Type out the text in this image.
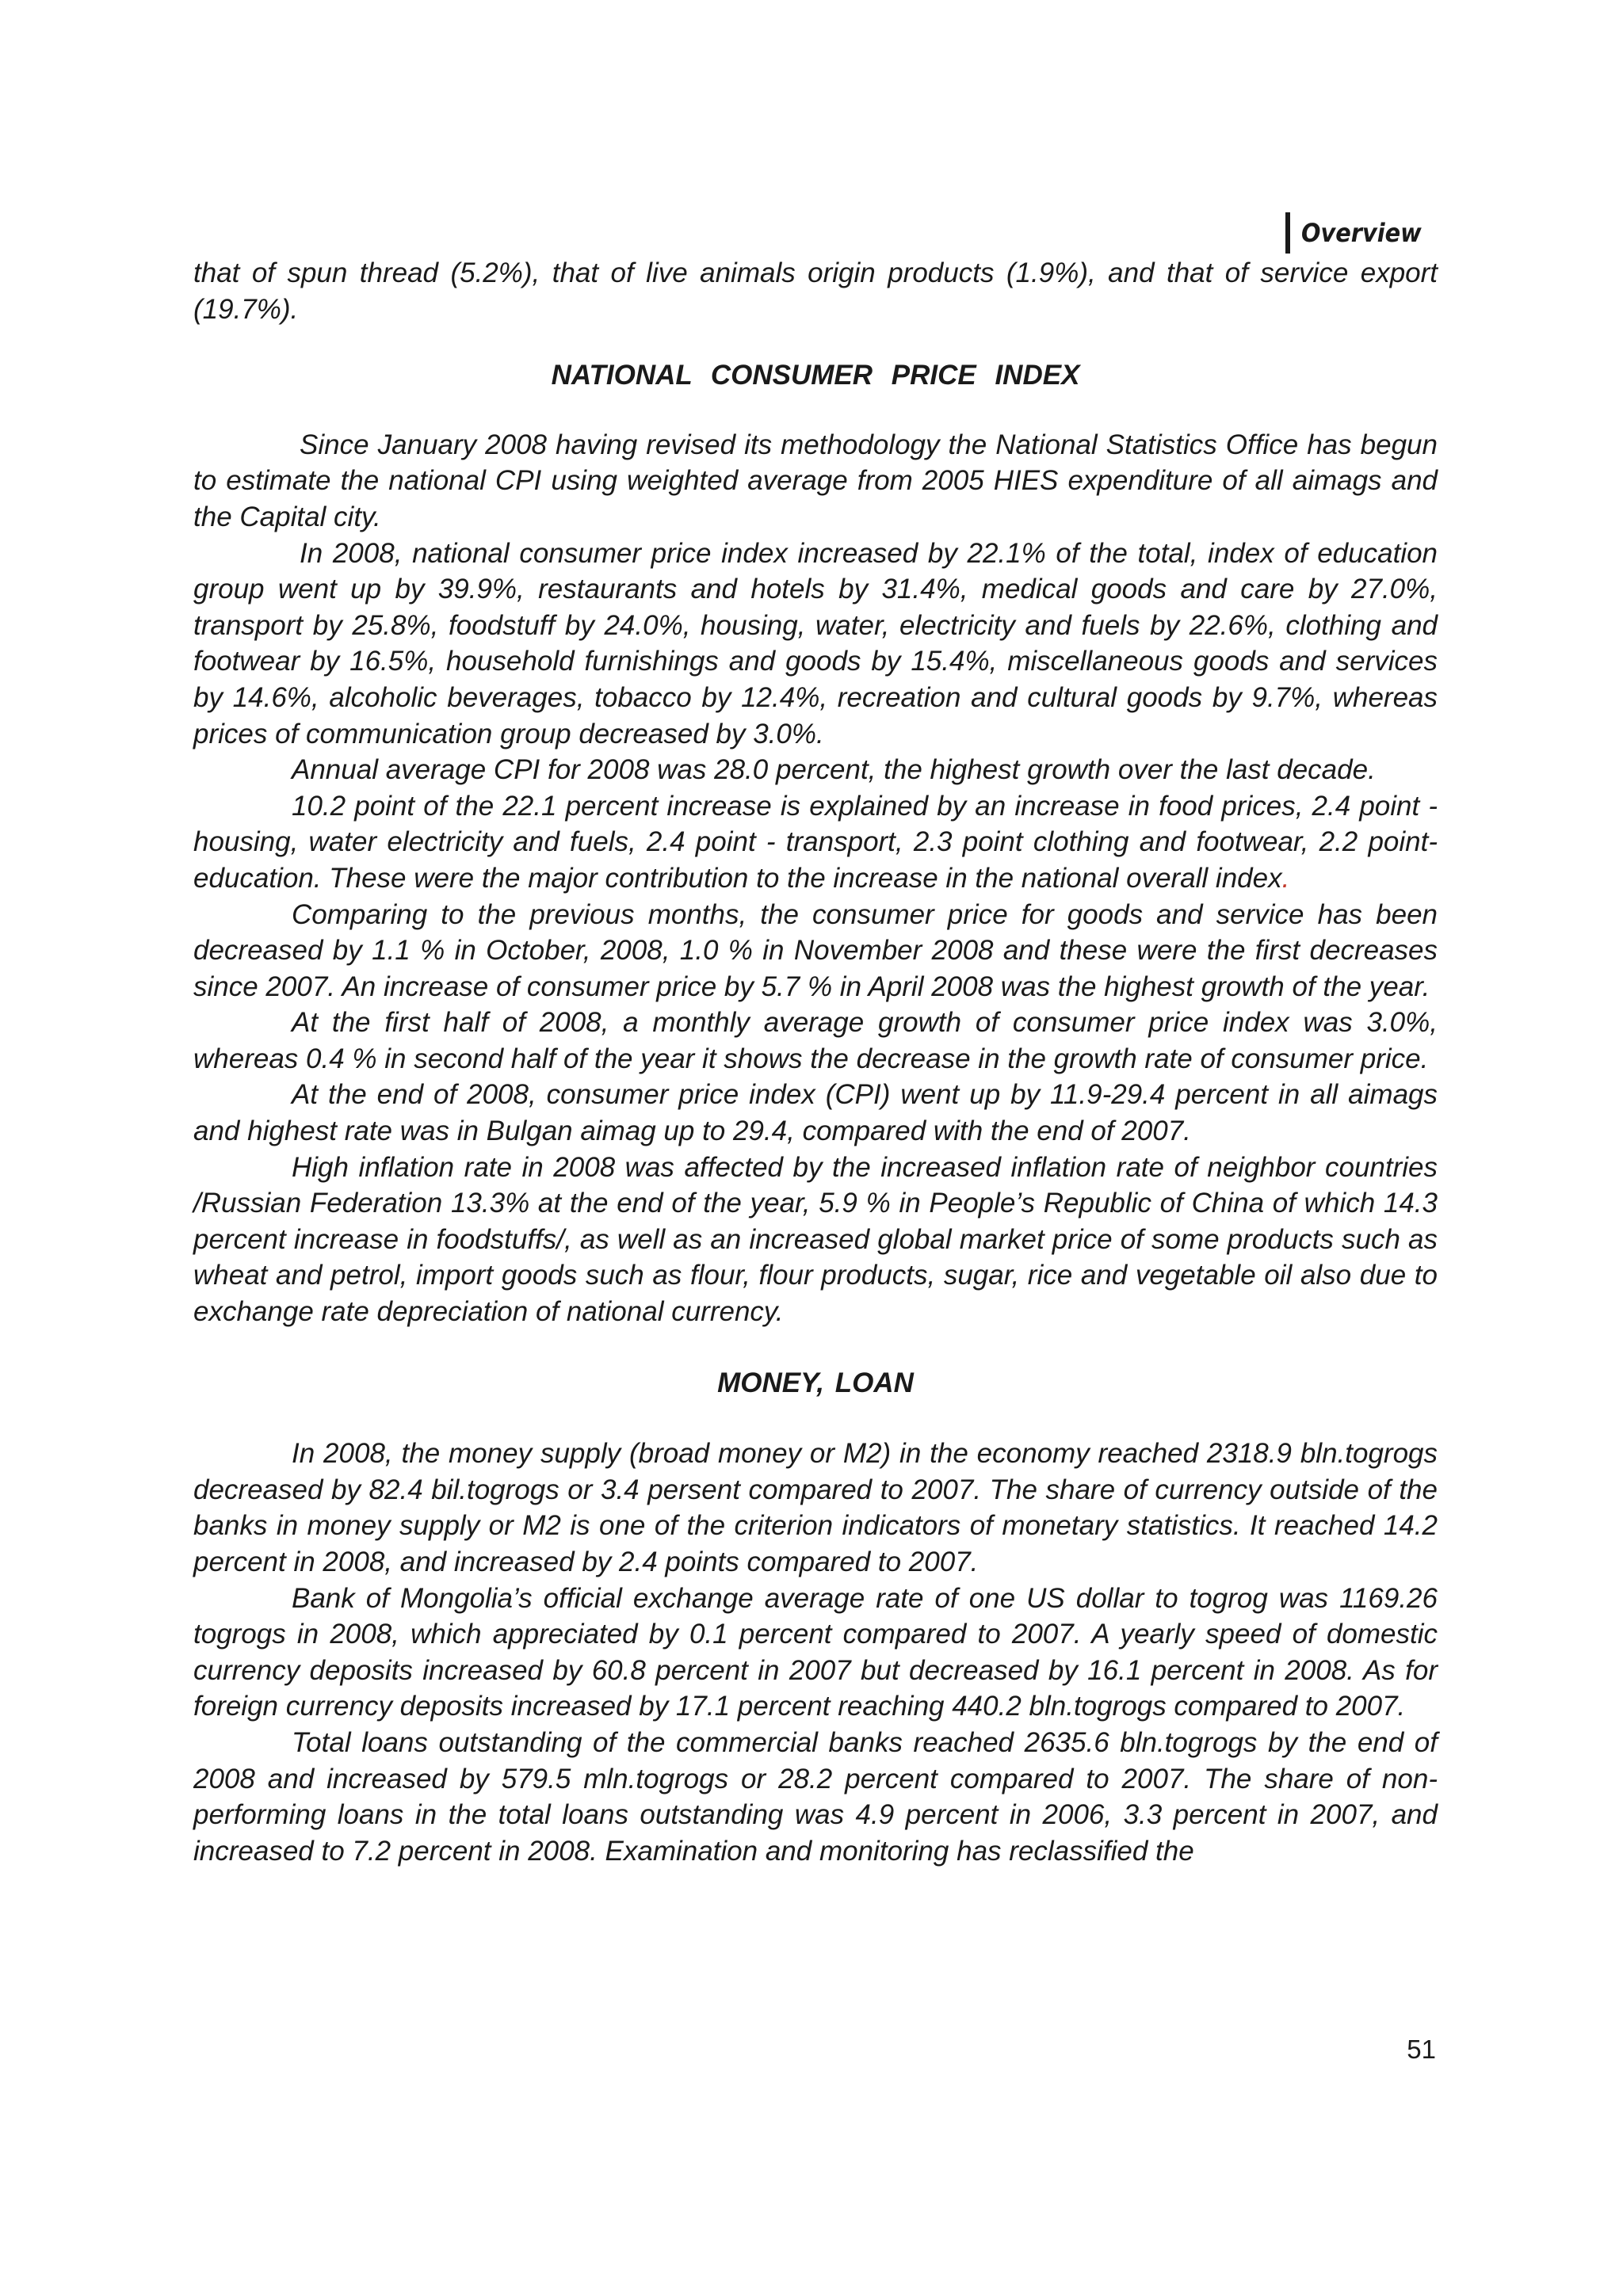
Overview

that of spun thread (5.2%), that of live animals origin products (1.9%), and that of service export (19.7%).

NATIONAL CONSUMER PRICE INDEX

Since January 2008 having revised its methodology the National Statistics Office has begun to estimate the national CPI using weighted average from 2005 HIES expenditure of all aimags and the Capital city.

In 2008, national consumer price index increased by 22.1% of the total, index of education group went up by 39.9%, restaurants and hotels by 31.4%, medical goods and care by 27.0%, transport by 25.8%, foodstuff by 24.0%, housing, water, electricity and fuels by 22.6%, clothing and footwear by 16.5%, household furnishings and goods by 15.4%, miscellaneous goods and services by 14.6%, alcoholic beverages, tobacco by 12.4%, recreation and cultural goods by 9.7%, whereas prices of communication group decreased by 3.0%.

Annual average CPI for 2008 was 28.0 percent, the highest growth over the last decade.

10.2 point of the 22.1 percent increase is explained by an increase in food prices, 2.4 point - housing, water electricity and fuels, 2.4 point - transport, 2.3 point clothing and footwear, 2.2 point- education. These were the major contribution to the increase in the national overall index.

Comparing to the previous months, the consumer price for goods and service has been decreased by 1.1 % in October, 2008, 1.0 % in November 2008 and these were the first decreases since 2007. An increase of consumer price by 5.7 % in April 2008 was the highest growth of the year.

At the first half of 2008, a monthly average growth of consumer price index was 3.0%, whereas 0.4 % in second half of the year it shows the decrease in the growth rate of consumer price.

At the end of 2008, consumer price index (CPI) went up by 11.9-29.4 percent in all aimags and highest rate was in Bulgan aimag up to 29.4, compared with the end of 2007.

High inflation rate in 2008 was affected by the increased inflation rate of neighbor countries /Russian Federation 13.3% at the end of the year, 5.9 % in People’s Republic of China of which 14.3 percent increase in foodstuffs/, as well as an increased global market price of some products such as wheat and petrol, import goods such as flour, flour products, sugar, rice and vegetable oil also due to exchange rate depreciation of national currency.

MONEY, LOAN

In 2008, the money supply (broad money or M2) in the economy reached 2318.9 bln.togrogs decreased by 82.4 bil.togrogs or 3.4 persent compared to 2007. The share of currency outside of the banks in money supply or M2 is one of the criterion indicators of monetary statistics. It reached 14.2 percent in 2008, and increased by 2.4 points compared to 2007.

Bank of Mongolia’s official exchange average rate of one US dollar to togrog was 1169.26 togrogs in 2008, which appreciated by 0.1 percent compared to 2007. A yearly speed of domestic currency deposits increased by 60.8 percent in 2007 but decreased by 16.1 percent in 2008. As for foreign currency deposits increased by 17.1 percent reaching 440.2 bln.togrogs compared to 2007.

Total loans outstanding of the commercial banks reached 2635.6 bln.togrogs by the end of 2008 and increased by 579.5 mln.togrogs or 28.2 percent compared to 2007. The share of non-performing loans in the total loans outstanding was 4.9 percent in 2006, 3.3 percent in 2007, and increased to 7.2 percent in 2008. Examination and monitoring has reclassified the

51
